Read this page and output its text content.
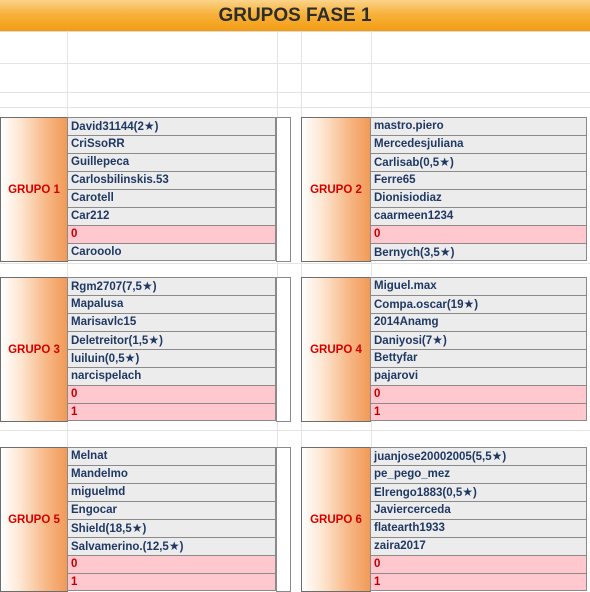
GRUPOS FASE 1
GRUPO 1
David31144(2★)
CriSsoRR
Guillepeca
Carlosbilinskis.53
Carotell
Car212
0
Carooolo
GRUPO 2
mastro.piero
Mercedesjuliana
Carlisab(0,5★)
Ferre65
Dionisiodiaz
caarmeen1234
0
Bernych(3,5★)
GRUPO 3
Rgm2707(7,5★)
Mapalusa
Marisavlc15
Deletreitor(1,5★)
luiluin(0,5★)
narcispelach
0
1
GRUPO 4
Miguel.max
Compa.oscar(19★)
2014Anamg
Daniyosi(7★)
Bettyfar
pajarovi
0
1
GRUPO 5
Melnat
Mandelmo
miguelmd
Engocar
Shield(18,5★)
Salvamerino.(12,5★)
0
1
GRUPO 6
juanjose20002005(5,5★)
pe_pego_mez
Elrengo1883(0,5★)
Javiercerceda
flatearth1933
zaira2017
0
1
